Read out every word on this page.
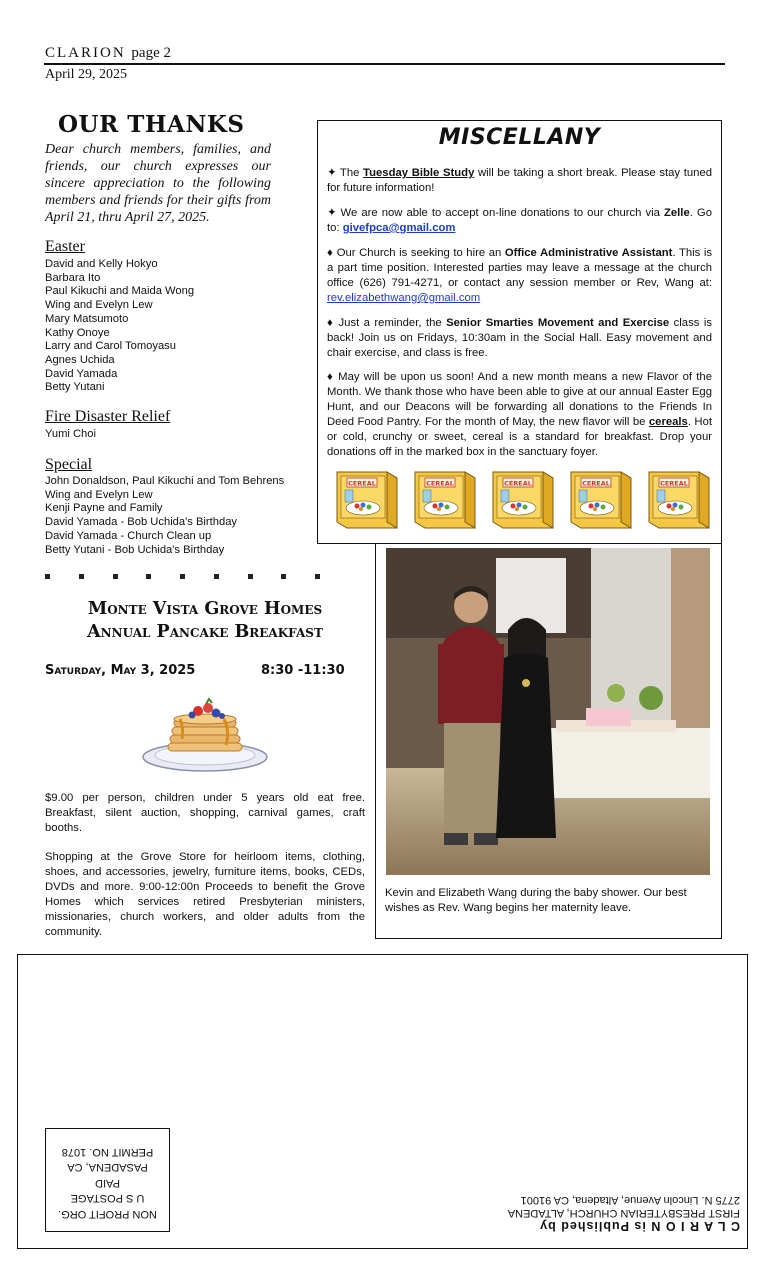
CLARION page 2
April 29, 2025
OUR THANKS
Dear church members, families, and friends, our church expresses our sincere appreciation to the following members and friends for their gifts from April 21, thru April 27, 2025.
Easter
David and Kelly Hokyo
Barbara Ito
Paul Kikuchi and Maida Wong
Wing and Evelyn Lew
Mary Matsumoto
Kathy Onoye
Larry and Carol Tomoyasu
Agnes Uchida
David Yamada
Betty Yutani
Fire Disaster Relief
Yumi Choi
Special
John Donaldson, Paul Kikuchi and Tom Behrens
Wing and Evelyn Lew
Kenji Payne and Family
David Yamada - Bob Uchida's Birthday
David Yamada - Church Clean up
Betty Yutani - Bob Uchida's Birthday
MISCELLANY
✦ The Tuesday Bible Study will be taking a short break. Please stay tuned for future information!
✦ We are now able to accept on-line donations to our church via Zelle. Go to: givefpca@gmail.com
♦ Our Church is seeking to hire an Office Administrative Assistant. This is a part time position. Interested parties may leave a message at the church office (626) 791-4271, or contact any session member or Rev, Wang at: rev.elizabethwang@gmail.com
♦ Just a reminder, the Senior Smarties Movement and Exercise class is back! Join us on Fridays, 10:30am in the Social Hall. Easy movement and chair exercise, and class is free.
♦ May will be upon us soon! And a new month means a new Flavor of the Month. We thank those who have been able to give at our annual Easter Egg Hunt, and our Deacons will be forwarding all donations to the Friends In Deed Food Pantry. For the month of May, the new flavor will be cereals. Hot or cold, crunchy or sweet, cereal is a standard for breakfast. Drop your donations off in the marked box in the sanctuary foyer.
CEREAL	CEREAL	CEREAL	CEREAL	CEREAL
Monte Vista Grove Homes
Annual Pancake Breakfast
Saturday, May 3, 2025	8:30 -11:30
$9.00 per person, children under 5 years old eat free. Breakfast, silent auction, shopping, carnival games, craft booths.
Shopping at the Grove Store for heirloom items, clothing, shoes, and accessories, jewelry, furniture items, books, CEDs, DVDs and more. 9:00-12:00n Proceeds to benefit the Grove Homes which services retired Presbyterian ministers, missionaries, church workers, and older adults from the community.
Kevin and Elizabeth Wang during the baby shower. Our best wishes as Rev. Wang begins her maternity leave.
NON PROFIT ORG.
U S POSTAGE
PAID
PASADENA, CA
PERMIT NO. 1078
C L A R I O N is Published by
FIRST PRESBYTERIAN CHURCH, ALTADENA
2775 N. Lincoln Avenue, Altadena, CA 91001
